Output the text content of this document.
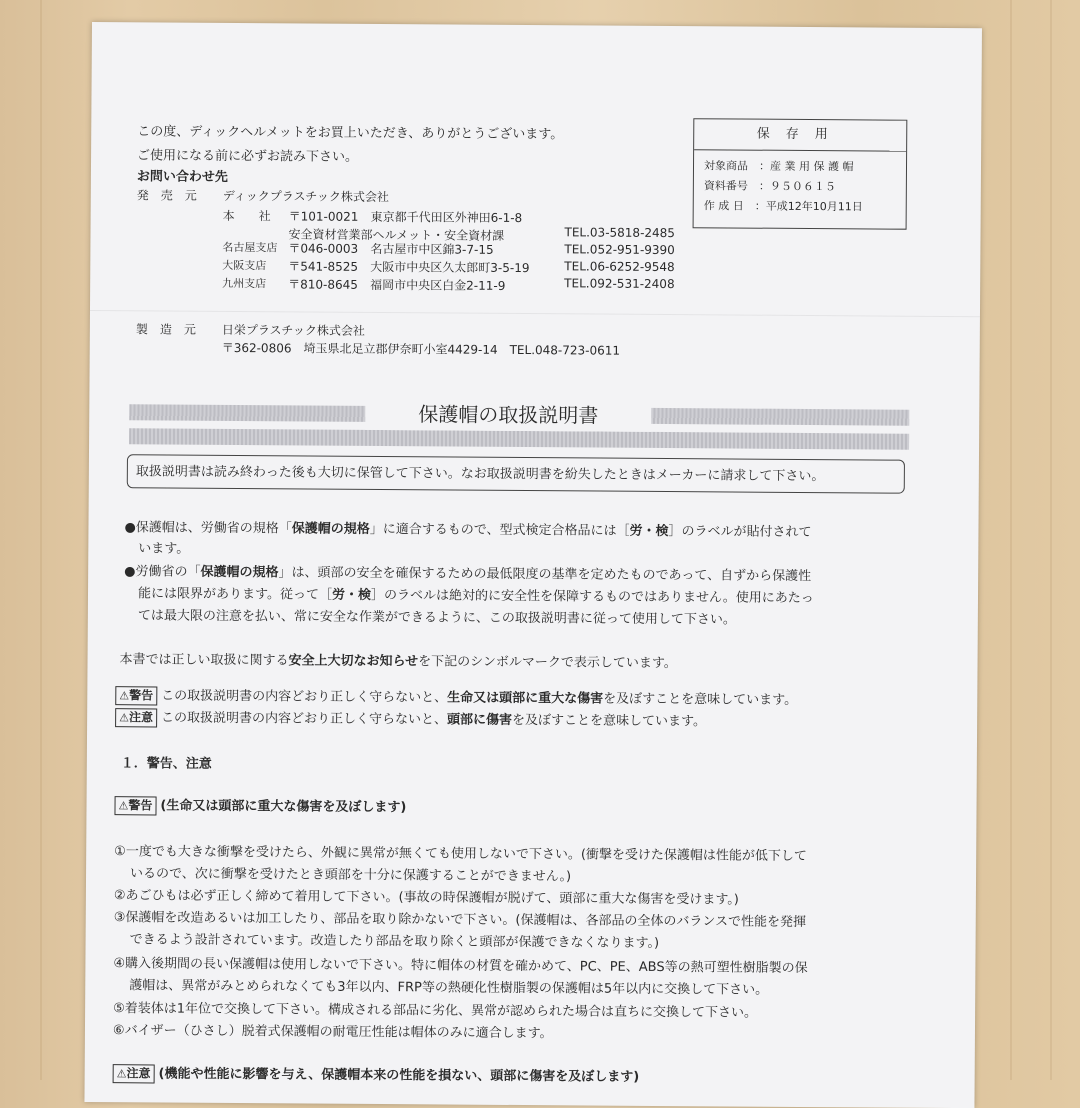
この度、ディックヘルメットをお買上いただき、ありがとうございます。
ご使用になる前に必ずお読み下さい。
お問い合わせ先
発　売　元 ディックプラスチック株式会社
本　　社 〒101-0021 東京都千代田区外神田6-1-8
安全資材営業部ヘルメット・安全資材課	TEL.03-5818-2485
名古屋支店 〒046-0003 名古屋市中区錦3-7-15	TEL.052-951-9390
大阪支店 〒541-8525 大阪市中央区久太郎町3-5-19	TEL.06-6252-9548
九州支店 〒810-8645 福岡市中央区白金2-11-9	TEL.092-531-2408
製　造　元 日栄プラスチック株式会社
〒362-0806　埼玉県北足立郡伊奈町小室4429-14　TEL.048-723-0611
保存用
対象商品　：産 業 用 保 護 帽
資料番号　：９５０６１５
作 成 日　：平成12年10月11日
保護帽の取扱説明書
取扱説明書は読み終わった後も大切に保管して下さい。なお取扱説明書を紛失したときはメーカーに請求して下さい。
●保護帽は、労働省の規格「保護帽の規格」に適合するもので、型式検定合格品には［労・検］のラベルが貼付されて
います。
●労働省の「保護帽の規格」は、頭部の安全を確保するための最低限度の基準を定めたものであって、自ずから保護性
能には限界があります。従って［労・検］のラベルは絶対的に安全性を保障するものではありません。使用にあたっ
ては最大限の注意を払い、常に安全な作業ができるように、この取扱説明書に従って使用して下さい。
本書では正しい取扱に関する安全上大切なお知らせを下記のシンボルマークで表示しています。
⚠警告 この取扱説明書の内容どおり正しく守らないと、生命又は頭部に重大な傷害を及ぼすことを意味しています。
⚠注意 この取扱説明書の内容どおり正しく守らないと、頭部に傷害を及ぼすことを意味しています。
１．警告、注意
⚠警告 (生命又は頭部に重大な傷害を及ぼします)
①一度でも大きな衝撃を受けたら、外観に異常が無くても使用しないで下さい。(衝撃を受けた保護帽は性能が低下して
いるので、次に衝撃を受けたとき頭部を十分に保護することができません。)
②あごひもは必ず正しく締めて着用して下さい。(事故の時保護帽が脱げて、頭部に重大な傷害を受けます。)
③保護帽を改造あるいは加工したり、部品を取り除かないで下さい。(保護帽は、各部品の全体のバランスで性能を発揮
できるよう設計されています。改造したり部品を取り除くと頭部が保護できなくなります。)
④購入後期間の長い保護帽は使用しないで下さい。特に帽体の材質を確かめて、PC、PE、ABS等の熱可塑性樹脂製の保
護帽は、異常がみとめられなくても3年以内、FRP等の熱硬化性樹脂製の保護帽は5年以内に交換して下さい。
⑤着装体は1年位で交換して下さい。構成される部品に劣化、異常が認められた場合は直ちに交換して下さい。
⑥バイザー（ひさし）脱着式保護帽の耐電圧性能は帽体のみに適合します。
⚠注意 (機能や性能に影響を与え、保護帽本来の性能を損ない、頭部に傷害を及ぼします)
